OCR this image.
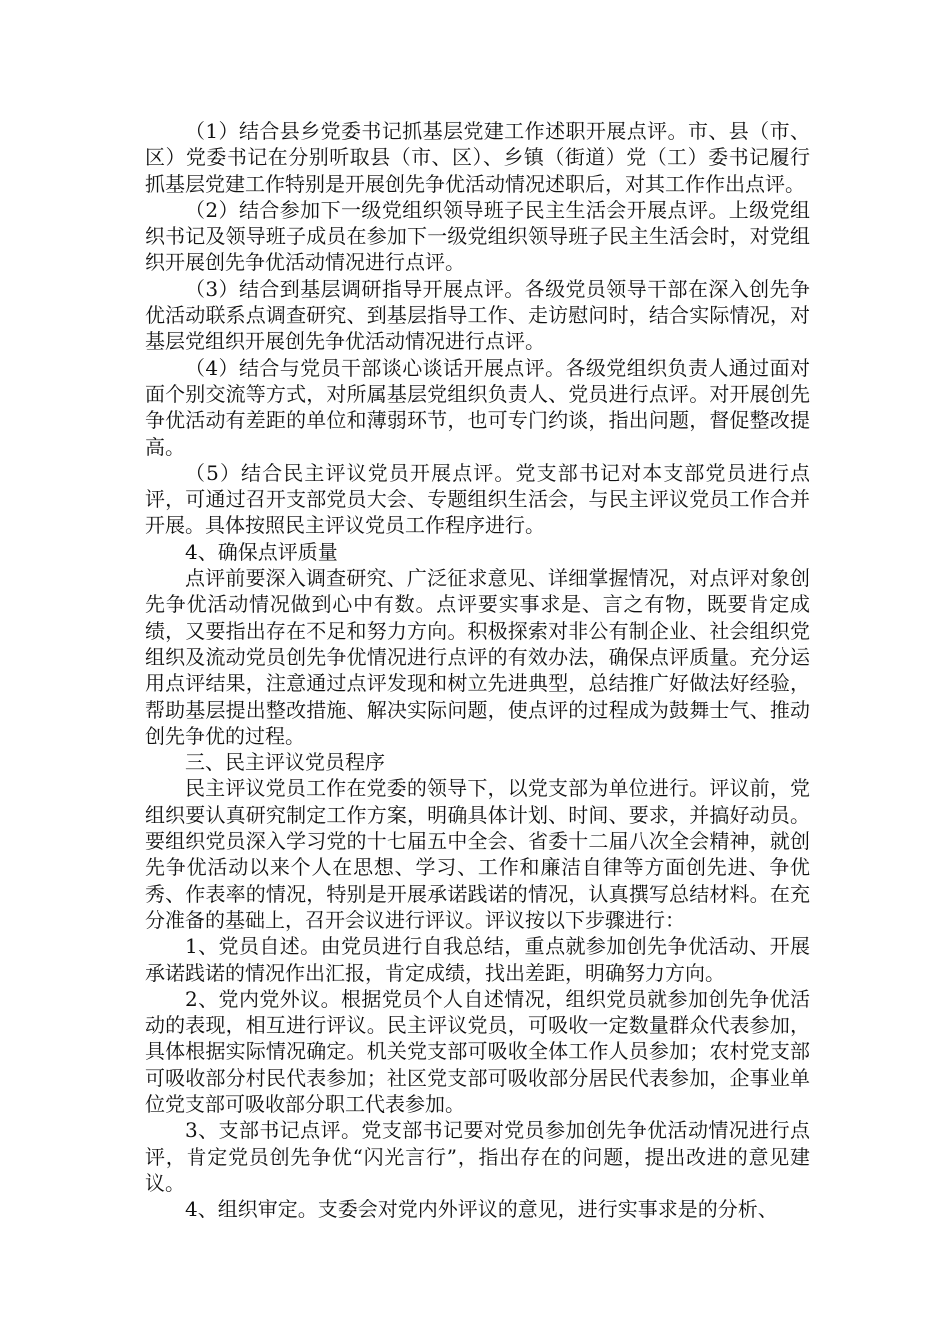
（1）结合县乡党委书记抓基层党建工作述职开展点评。市、县（市、区）党委书记在分别听取县（市、区）、乡镇（街道）党（工）委书记履行抓基层党建工作特别是开展创先争优活动情况述职后，对其工作作出点评。

（2）结合参加下一级党组织领导班子民主生活会开展点评。上级党组织书记及领导班子成员在参加下一级党组织领导班子民主生活会时，对党组织开展创先争优活动情况进行点评。

（3）结合到基层调研指导开展点评。各级党员领导干部在深入创先争优活动联系点调查研究、到基层指导工作、走访慰问时，结合实际情况，对基层党组织开展创先争优活动情况进行点评。

（4）结合与党员干部谈心谈话开展点评。各级党组织负责人通过面对面个别交流等方式，对所属基层党组织负责人、党员进行点评。对开展创先争优活动有差距的单位和薄弱环节，也可专门约谈，指出问题，督促整改提高。

（5）结合民主评议党员开展点评。党支部书记对本支部党员进行点评，可通过召开支部党员大会、专题组织生活会，与民主评议党员工作合并开展。具体按照民主评议党员工作程序进行。

4、确保点评质量

点评前要深入调查研究、广泛征求意见、详细掌握情况，对点评对象创先争优活动情况做到心中有数。点评要实事求是、言之有物，既要肯定成绩，又要指出存在不足和努力方向。积极探索对非公有制企业、社会组织党组织及流动党员创先争优情况进行点评的有效办法，确保点评质量。充分运用点评结果，注意通过点评发现和树立先进典型，总结推广好做法好经验，帮助基层提出整改措施、解决实际问题，使点评的过程成为鼓舞士气、推动创先争优的过程。

三、民主评议党员程序

民主评议党员工作在党委的领导下，以党支部为单位进行。评议前，党组织要认真研究制定工作方案，明确具体计划、时间、要求，并搞好动员。要组织党员深入学习党的十七届五中全会、省委十二届八次全会精神，就创先争优活动以来个人在思想、学习、工作和廉洁自律等方面创先进、争优秀、作表率的情况，特别是开展承诺践诺的情况，认真撰写总结材料。在充分准备的基础上，召开会议进行评议。评议按以下步骤进行：

1、党员自述。由党员进行自我总结，重点就参加创先争优活动、开展承诺践诺的情况作出汇报，肯定成绩，找出差距，明确努力方向。

2、党内党外议。根据党员个人自述情况，组织党员就参加创先争优活动的表现，相互进行评议。民主评议党员，可吸收一定数量群众代表参加，具体根据实际情况确定。机关党支部可吸收全体工作人员参加；农村党支部可吸收部分村民代表参加；社区党支部可吸收部分居民代表参加，企事业单位党支部可吸收部分职工代表参加。

3、支部书记点评。党支部书记要对党员参加创先争优活动情况进行点评，肯定党员创先争优“闪光言行”，指出存在的问题，提出改进的意见建议。

4、组织审定。支委会对党内外评议的意见，进行实事求是的分析、
